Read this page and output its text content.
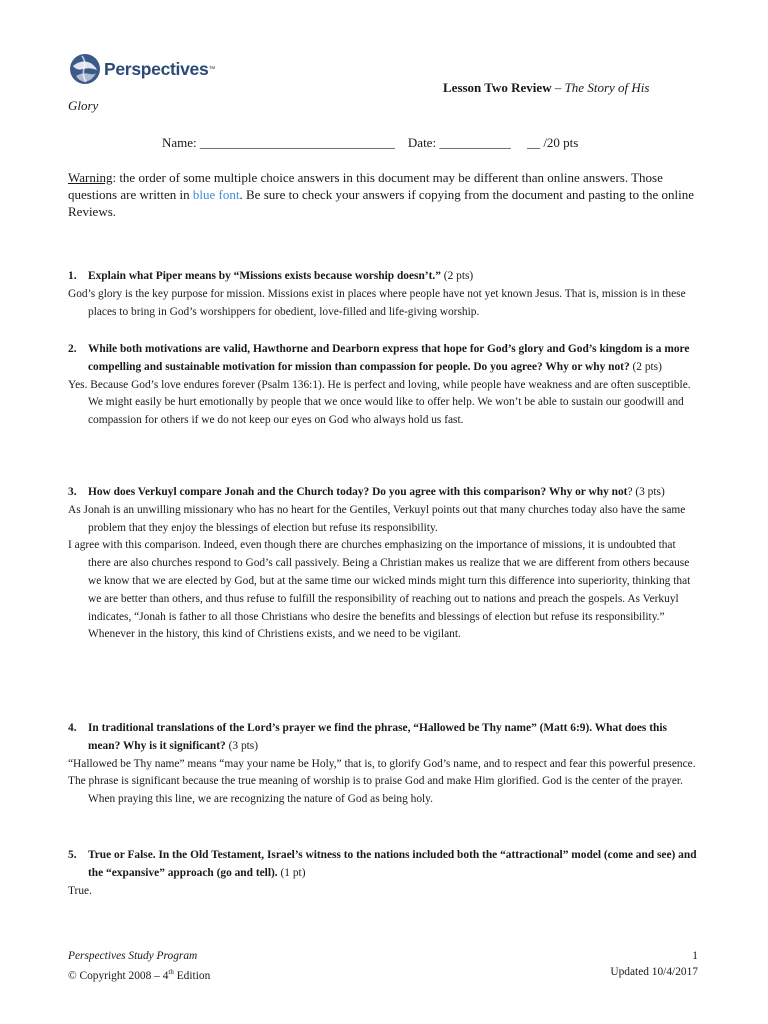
Perspectives ™
Lesson Two Review – The Story of His
Glory
Name: ______________________________ Date: ___________ __ /20 pts
Warning: the order of some multiple choice answers in this document may be different than online answers. Those questions are written in blue font. Be sure to check your answers if copying from the document and pasting to the online Reviews.
1. Explain what Piper means by “Missions exists because worship doesn’t.” (2 pts)

God’s glory is the key purpose for mission. Missions exist in places where people have not yet known Jesus. That is, mission is in these places to bring in God’s worshippers for obedient, love-filled and life-giving worship.

2. While both motivations are valid, Hawthorne and Dearborn express that hope for God’s glory and God’s kingdom is a more compelling and sustainable motivation for mission than compassion for people. Do you agree? Why or why not? (2 pts)

Yes. Because God’s love endures forever (Psalm 136:1). He is perfect and loving, while people have weakness and are often susceptible. We might easily be hurt emotionally by people that we once would like to offer help. We won’t be able to sustain our goodwill and compassion for others if we do not keep our eyes on God who always hold us fast.

3. How does Verkuyl compare Jonah and the Church today? Do you agree with this comparison? Why or why not? (3 pts)

As Jonah is an unwilling missionary who has no heart for the Gentiles, Verkuyl points out that many churches today also have the same problem that they enjoy the blessings of election but refuse its responsibility.

I agree with this comparison. Indeed, even though there are churches emphasizing on the importance of missions, it is undoubted that there are also churches respond to God’s call passively. Being a Christian makes us realize that we are different from others because we know that we are elected by God, but at the same time our wicked minds might turn this difference into superiority, thinking that we are better than others, and thus refuse to fulfill the responsibility of reaching out to nations and preach the gospels. As Verkuyl indicates, “Jonah is father to all those Christians who desire the benefits and blessings of election but refuse its responsibility.” Whenever in the history, this kind of Christiens exists, and we need to be vigilant.

4. In traditional translations of the Lord’s prayer we find the phrase, “Hallowed be Thy name” (Matt 6:9). What does this mean? Why is it significant? (3 pts)

“Hallowed be Thy name” means “may your name be Holy,” that is, to glorify God’s name, and to respect and fear this powerful presence.

The phrase is significant because the true meaning of worship is to praise God and make Him glorified. God is the center of the prayer. When praying this line, we are recognizing the nature of God as being holy.

5. True or False. In the Old Testament, Israel’s witness to the nations included both the “attractional” model (come and see) and the “expansive” approach (go and tell). (1 pt)

True.

Perspectives Study Program	1
© Copyright 2008 – 4th Edition	Updated 10/4/2017
